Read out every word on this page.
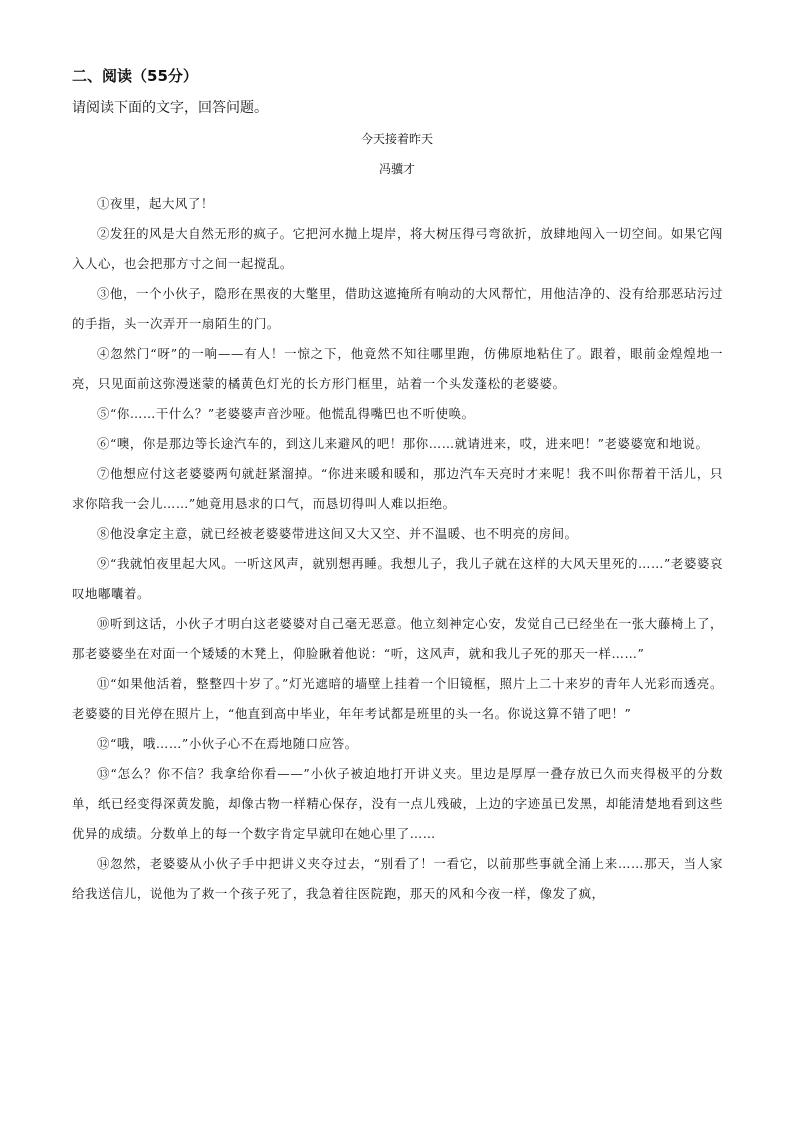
二、阅读（55分）
请阅读下面的文字，回答问题。
今天接着昨天
冯骥才

①夜里，起大风了！

②发狂的风是大自然无形的疯子。它把河水抛上堤岸，将大树压得弓弯欲折，放肆地闯入一切空间。如果它闯入人心，也会把那方寸之间一起搅乱。

③他，一个小伙子，隐形在黑夜的大氅里，借助这遮掩所有响动的大风帮忙，用他洁净的、没有给那恶玷污过的手指，头一次弄开一扇陌生的门。

④忽然门“呀”的一响——有人！一惊之下，他竟然不知往哪里跑，仿佛原地粘住了。跟着，眼前金煌煌地一亮，只见面前这弥漫迷蒙的橘黄色灯光的长方形门框里，站着一个头发蓬松的老婆婆。

⑤“你……干什么？”老婆婆声音沙哑。他慌乱得嘴巴也不听使唤。

⑥“噢，你是那边等长途汽车的，到这儿来避风的吧！那你……就请进来，哎，进来吧！”老婆婆宽和地说。

⑦他想应付这老婆婆两句就赶紧溜掉。“你进来暖和暖和，那边汽车天亮时才来呢！我不叫你帮着干活儿，只求你陪我一会儿……”她竟用恳求的口气，而恳切得叫人难以拒绝。

⑧他没拿定主意，就已经被老婆婆带进这间又大又空、并不温暖、也不明亮的房间。

⑨“我就怕夜里起大风。一听这风声，就别想再睡。我想儿子，我儿子就在这样的大风天里死的……”老婆婆哀叹地嘟囔着。

⑩听到这话，小伙子才明白这老婆婆对自己毫无恶意。他立刻神定心安，发觉自己已经坐在一张大藤椅上了，那老婆婆坐在对面一个矮矮的木凳上，仰脸瞅着他说：“听，这风声，就和我儿子死的那天一样……”

⑪“如果他活着，整整四十岁了。”灯光遮暗的墙壁上挂着一个旧镜框，照片上二十来岁的青年人光彩而透亮。老婆婆的目光停在照片上，“他直到高中毕业，年年考试都是班里的头一名。你说这算不错了吧！”

⑫“哦，哦……”小伙子心不在焉地随口应答。

⑬“怎么？你不信？我拿给你看——”小伙子被迫地打开讲义夹。里边是厚厚一叠存放已久而夹得极平的分数单，纸已经变得深黄发脆，却像古物一样精心保存，没有一点儿残破，上边的字迹虽已发黑，却能清楚地看到这些优异的成绩。分数单上的每一个数字肯定早就印在她心里了……

⑭忽然，老婆婆从小伙子手中把讲义夹夺过去，“别看了！一看它，以前那些事就全涌上来……那天，当人家给我送信儿，说他为了救一个孩子死了，我急着往医院跑，那天的风和今夜一样，像发了疯，
